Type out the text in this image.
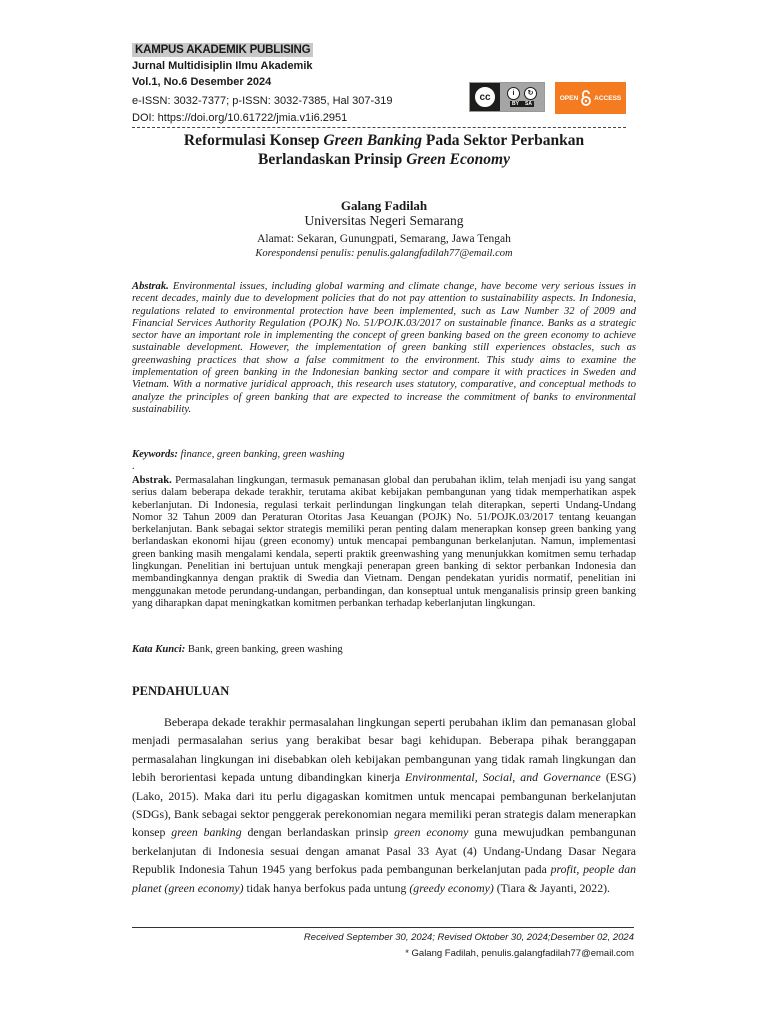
KAMPUS AKADEMIK PUBLISING
Jurnal Multidisiplin Ilmu Akademik
Vol.1, No.6 Desember 2024
e-ISSN: 3032-7377; p-ISSN: 3032-7385, Hal 307-319
DOI: https://doi.org/10.61722/jmia.v1i6.2951
cc	i	↻
BY SA
OPEN ACCESS
Reformulasi Konsep Green Banking Pada Sektor Perbankan
Berlandaskan Prinsip Green Economy
Galang Fadilah
Universitas Negeri Semarang
Alamat: Sekaran, Gunungpati, Semarang, Jawa Tengah
Korespondensi penulis: penulis.galangfadilah77@email.com
Abstrak. Environmental issues, including global warming and climate change, have become very serious issues in recent decades, mainly due to development policies that do not pay attention to sustainability aspects. In Indonesia, regulations related to environmental protection have been implemented, such as Law Number 32 of 2009 and Financial Services Authority Regulation (POJK) No. 51/POJK.03/2017 on sustainable finance. Banks as a strategic sector have an important role in implementing the concept of green banking based on the green economy to achieve sustainable development. However, the implementation of green banking still experiences obstacles, such as greenwashing practices that show a false commitment to the environment. This study aims to examine the implementation of green banking in the Indonesian banking sector and compare it with practices in Sweden and Vietnam. With a normative juridical approach, this research uses statutory, comparative, and conceptual methods to analyze the principles of green banking that are expected to increase the commitment of banks to environmental sustainability.
Keywords: finance, green banking, green washing
.
Abstrak. Permasalahan lingkungan, termasuk pemanasan global dan perubahan iklim, telah menjadi isu yang sangat serius dalam beberapa dekade terakhir, terutama akibat kebijakan pembangunan yang tidak memperhatikan aspek keberlanjutan. Di Indonesia, regulasi terkait perlindungan lingkungan telah diterapkan, seperti Undang-Undang Nomor 32 Tahun 2009 dan Peraturan Otoritas Jasa Keuangan (POJK) No. 51/POJK.03/2017 tentang keuangan berkelanjutan. Bank sebagai sektor strategis memiliki peran penting dalam menerapkan konsep green banking yang berlandaskan ekonomi hijau (green economy) untuk mencapai pembangunan berkelanjutan. Namun, implementasi green banking masih mengalami kendala, seperti praktik greenwashing yang menunjukkan komitmen semu terhadap lingkungan. Penelitian ini bertujuan untuk mengkaji penerapan green banking di sektor perbankan Indonesia dan membandingkannya dengan praktik di Swedia dan Vietnam. Dengan pendekatan yuridis normatif, penelitian ini menggunakan metode perundang-undangan, perbandingan, dan konseptual untuk menganalisis prinsip green banking yang diharapkan dapat meningkatkan komitmen perbankan terhadap keberlanjutan lingkungan.
Kata Kunci: Bank, green banking, green washing
PENDAHULUAN
Beberapa dekade terakhir permasalahan lingkungan seperti perubahan iklim dan pemanasan global menjadi permasalahan serius yang berakibat besar bagi kehidupan. Beberapa pihak beranggapan permasalahan lingkungan ini disebabkan oleh kebijakan pembangunan yang tidak ramah lingkungan dan lebih berorientasi kepada untung dibandingkan kinerja Environmental, Social, and Governance (ESG) (Lako, 2015). Maka dari itu perlu digagaskan komitmen untuk mencapai pembangunan berkelanjutan (SDGs), Bank sebagai sektor penggerak perekonomian negara memiliki peran strategis dalam menerapkan konsep green banking dengan berlandaskan prinsip green economy guna mewujudkan pembangunan berkelanjutan di Indonesia sesuai dengan amanat Pasal 33 Ayat (4) Undang-Undang Dasar Negara Republik Indonesia Tahun 1945 yang berfokus pada pembangunan berkelanjutan pada profit, people dan planet (green economy) tidak hanya berfokus pada untung (greedy economy) (Tiara & Jayanti, 2022).
Received September 30, 2024; Revised Oktober 30, 2024;Desember 02, 2024
* Galang Fadilah, penulis.galangfadilah77@email.com
